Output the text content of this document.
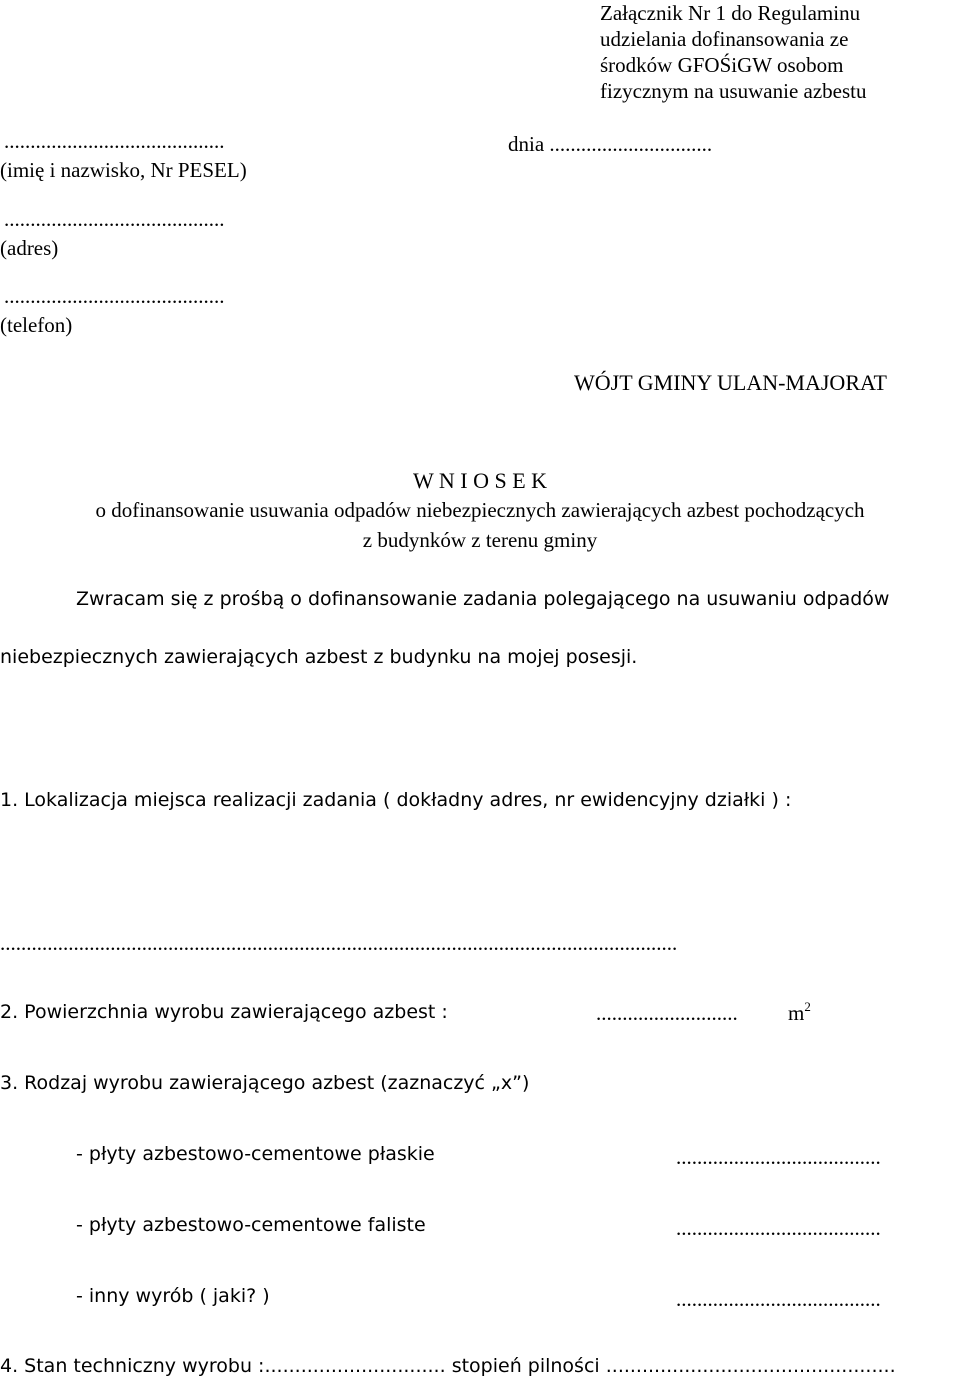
Załącznik Nr 1 do Regulaminu
udzielania dofinansowania ze
środków GFOŚiGW osobom
fizycznym na usuwanie azbestu
..........................................	dnia ...............................
(imię i nazwisko, Nr PESEL)
..........................................
(adres)
..........................................
(telefon)
WÓJT GMINY ULAN-MAJORAT
W N I O S E K
o dofinansowanie usuwania odpadów niebezpiecznych zawierających azbest pochodzących
z budynków z terenu gminy
Zwracam się z prośbą o dofinansowanie zadania polegającego na usuwaniu odpadów
niebezpiecznych zawierających azbest z budynku na mojej posesji.
1. Lokalizacja miejsca realizacji zadania ( dokładny adres, nr ewidencyjny działki ) :
.................................................................................................................................
2. Powierzchnia wyrobu zawierającego azbest :	........................... $m^2$
3. Rodzaj wyrobu zawierającego azbest (zaznaczyć „x”)
- płyty azbestowo-cementowe płaskie	.......................................
- płyty azbestowo-cementowe faliste	.......................................
- inny wyrób ( jaki? )	.......................................
4. Stan techniczny wyrobu :.............................. stopień pilności ................................................
